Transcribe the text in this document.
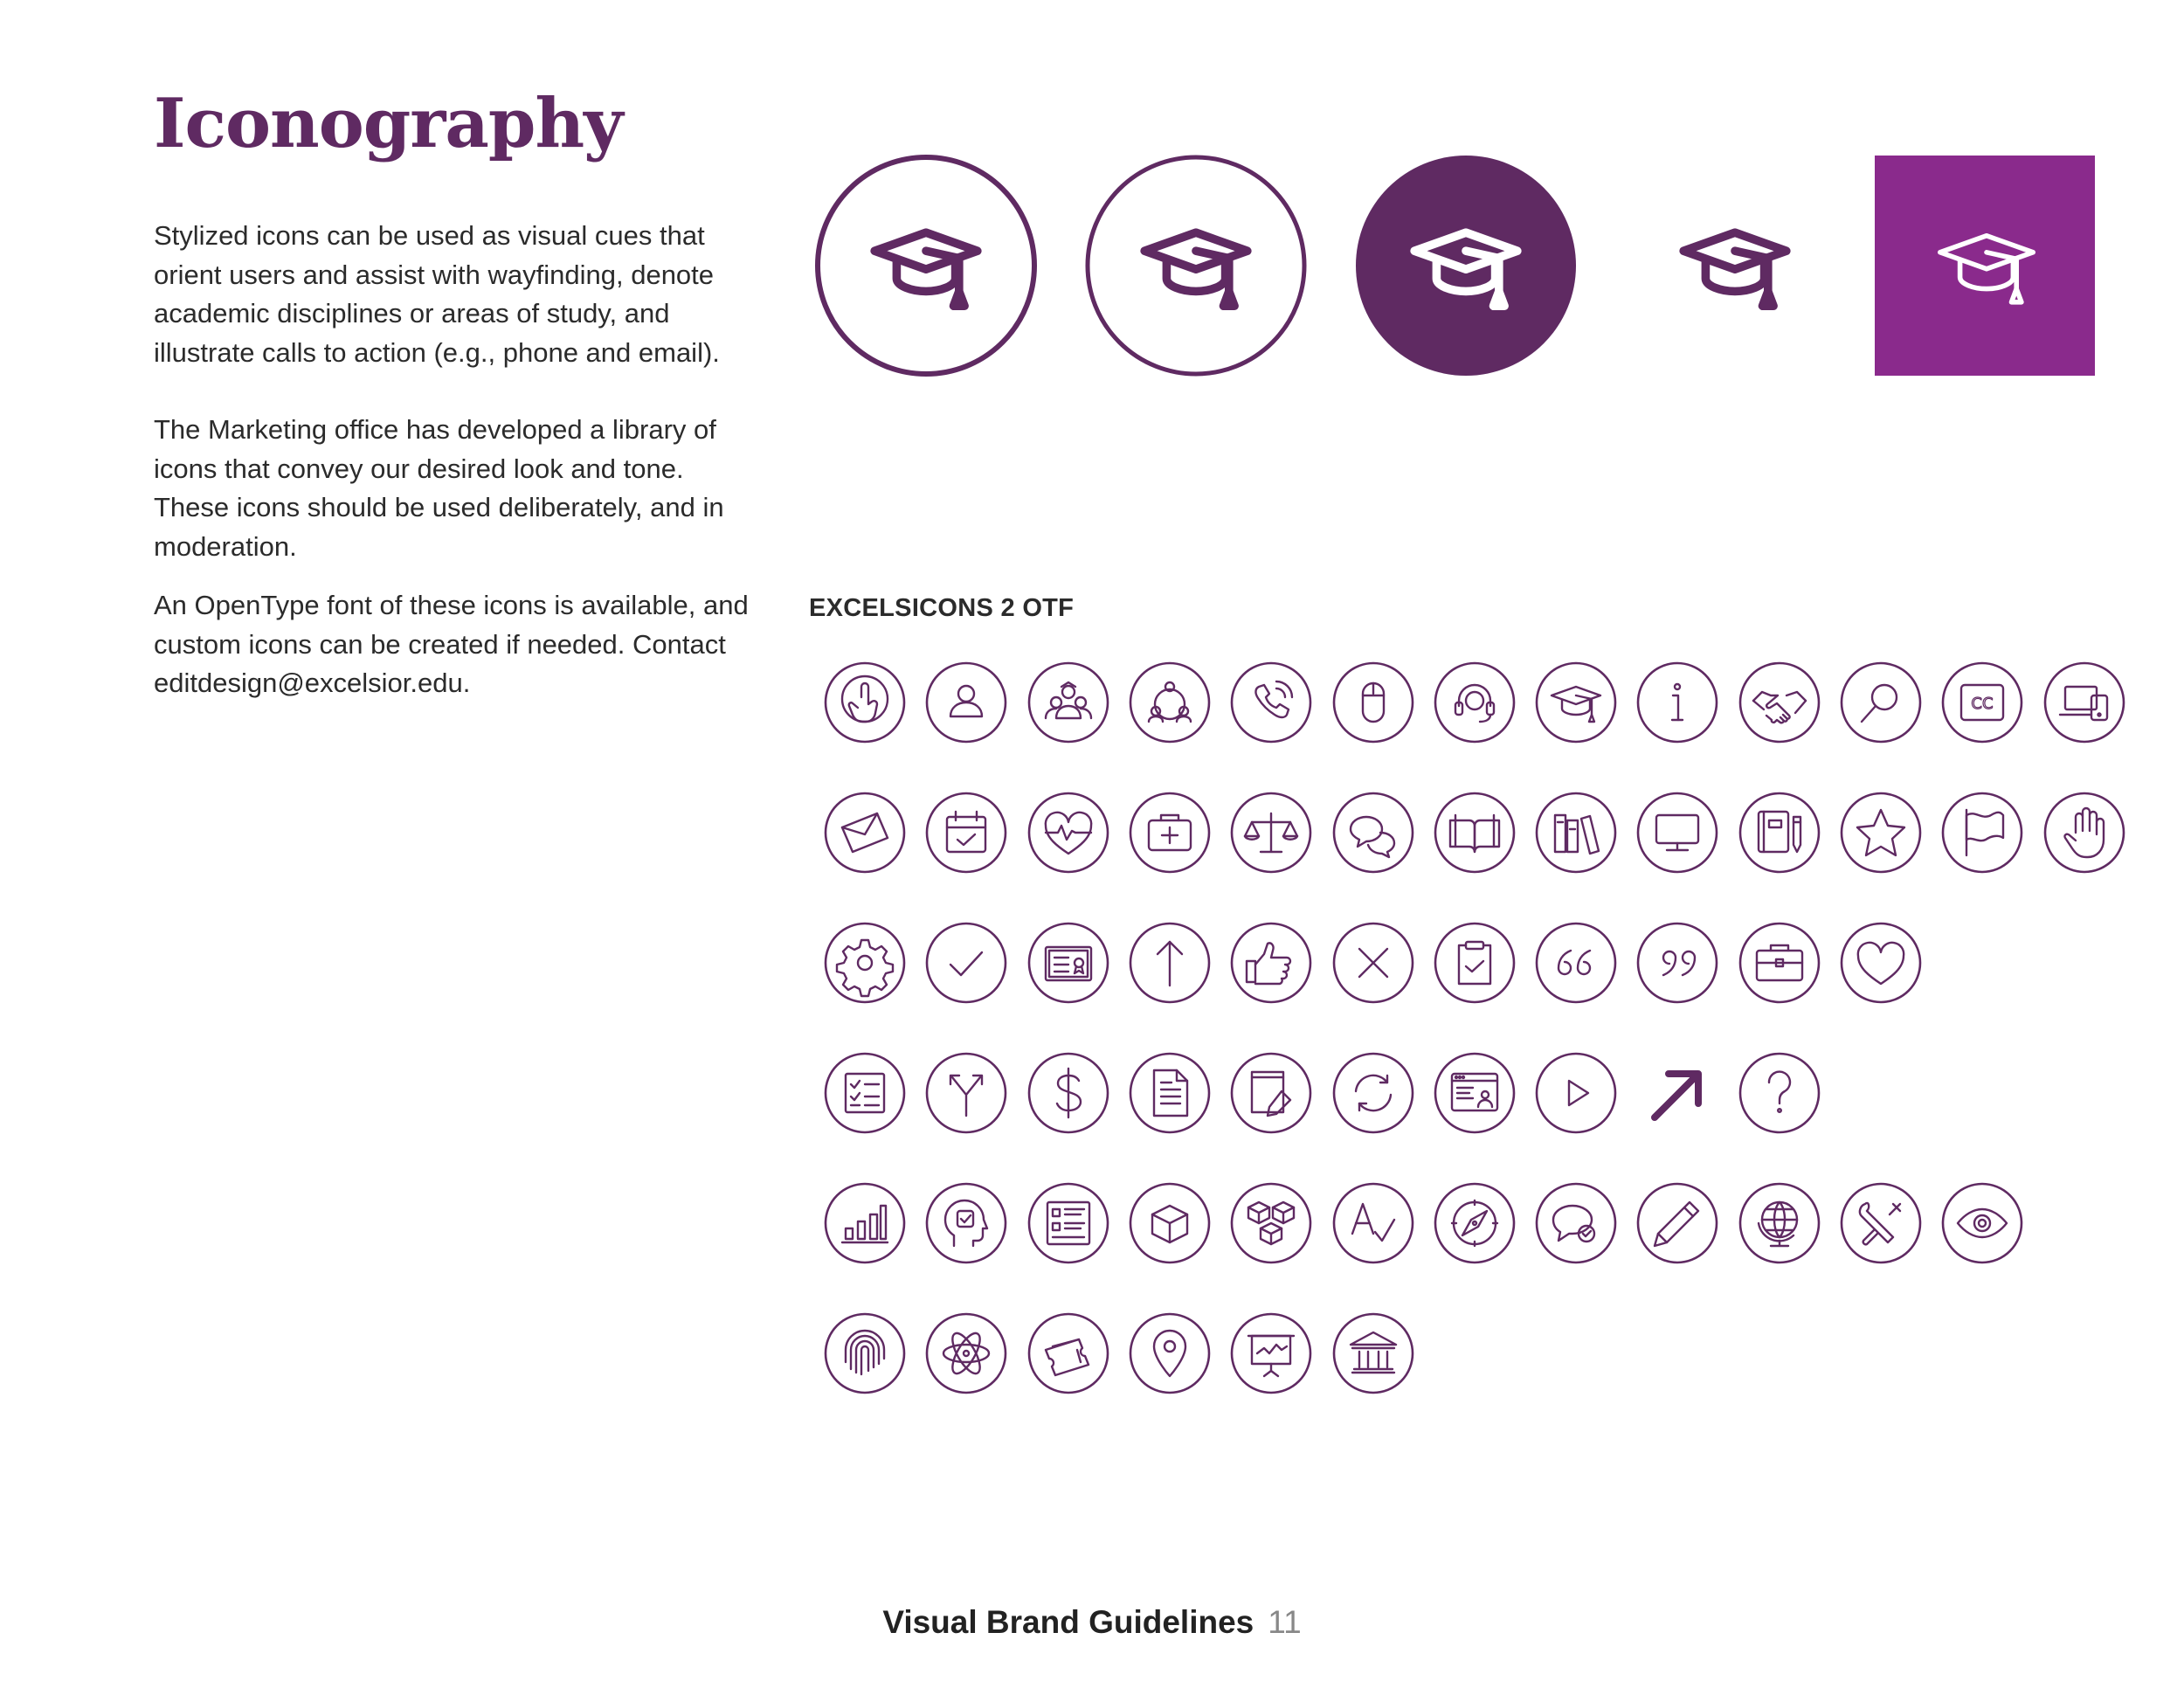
Iconography

Stylized icons can be used as visual cues that orient users and assist with wayfinding, denote academic disciplines or areas of study, and illustrate calls to action (e.g., phone and email).

The Marketing office has developed a library of icons that convey our desired look and tone. These icons should be used deliberately, and in moderation.

An OpenType font of these icons is available, and custom icons can be created if needed. Contact editdesign@excelsior.edu.

EXCELSICONS 2 OTF
CC
Visual Brand Guidelines 11
